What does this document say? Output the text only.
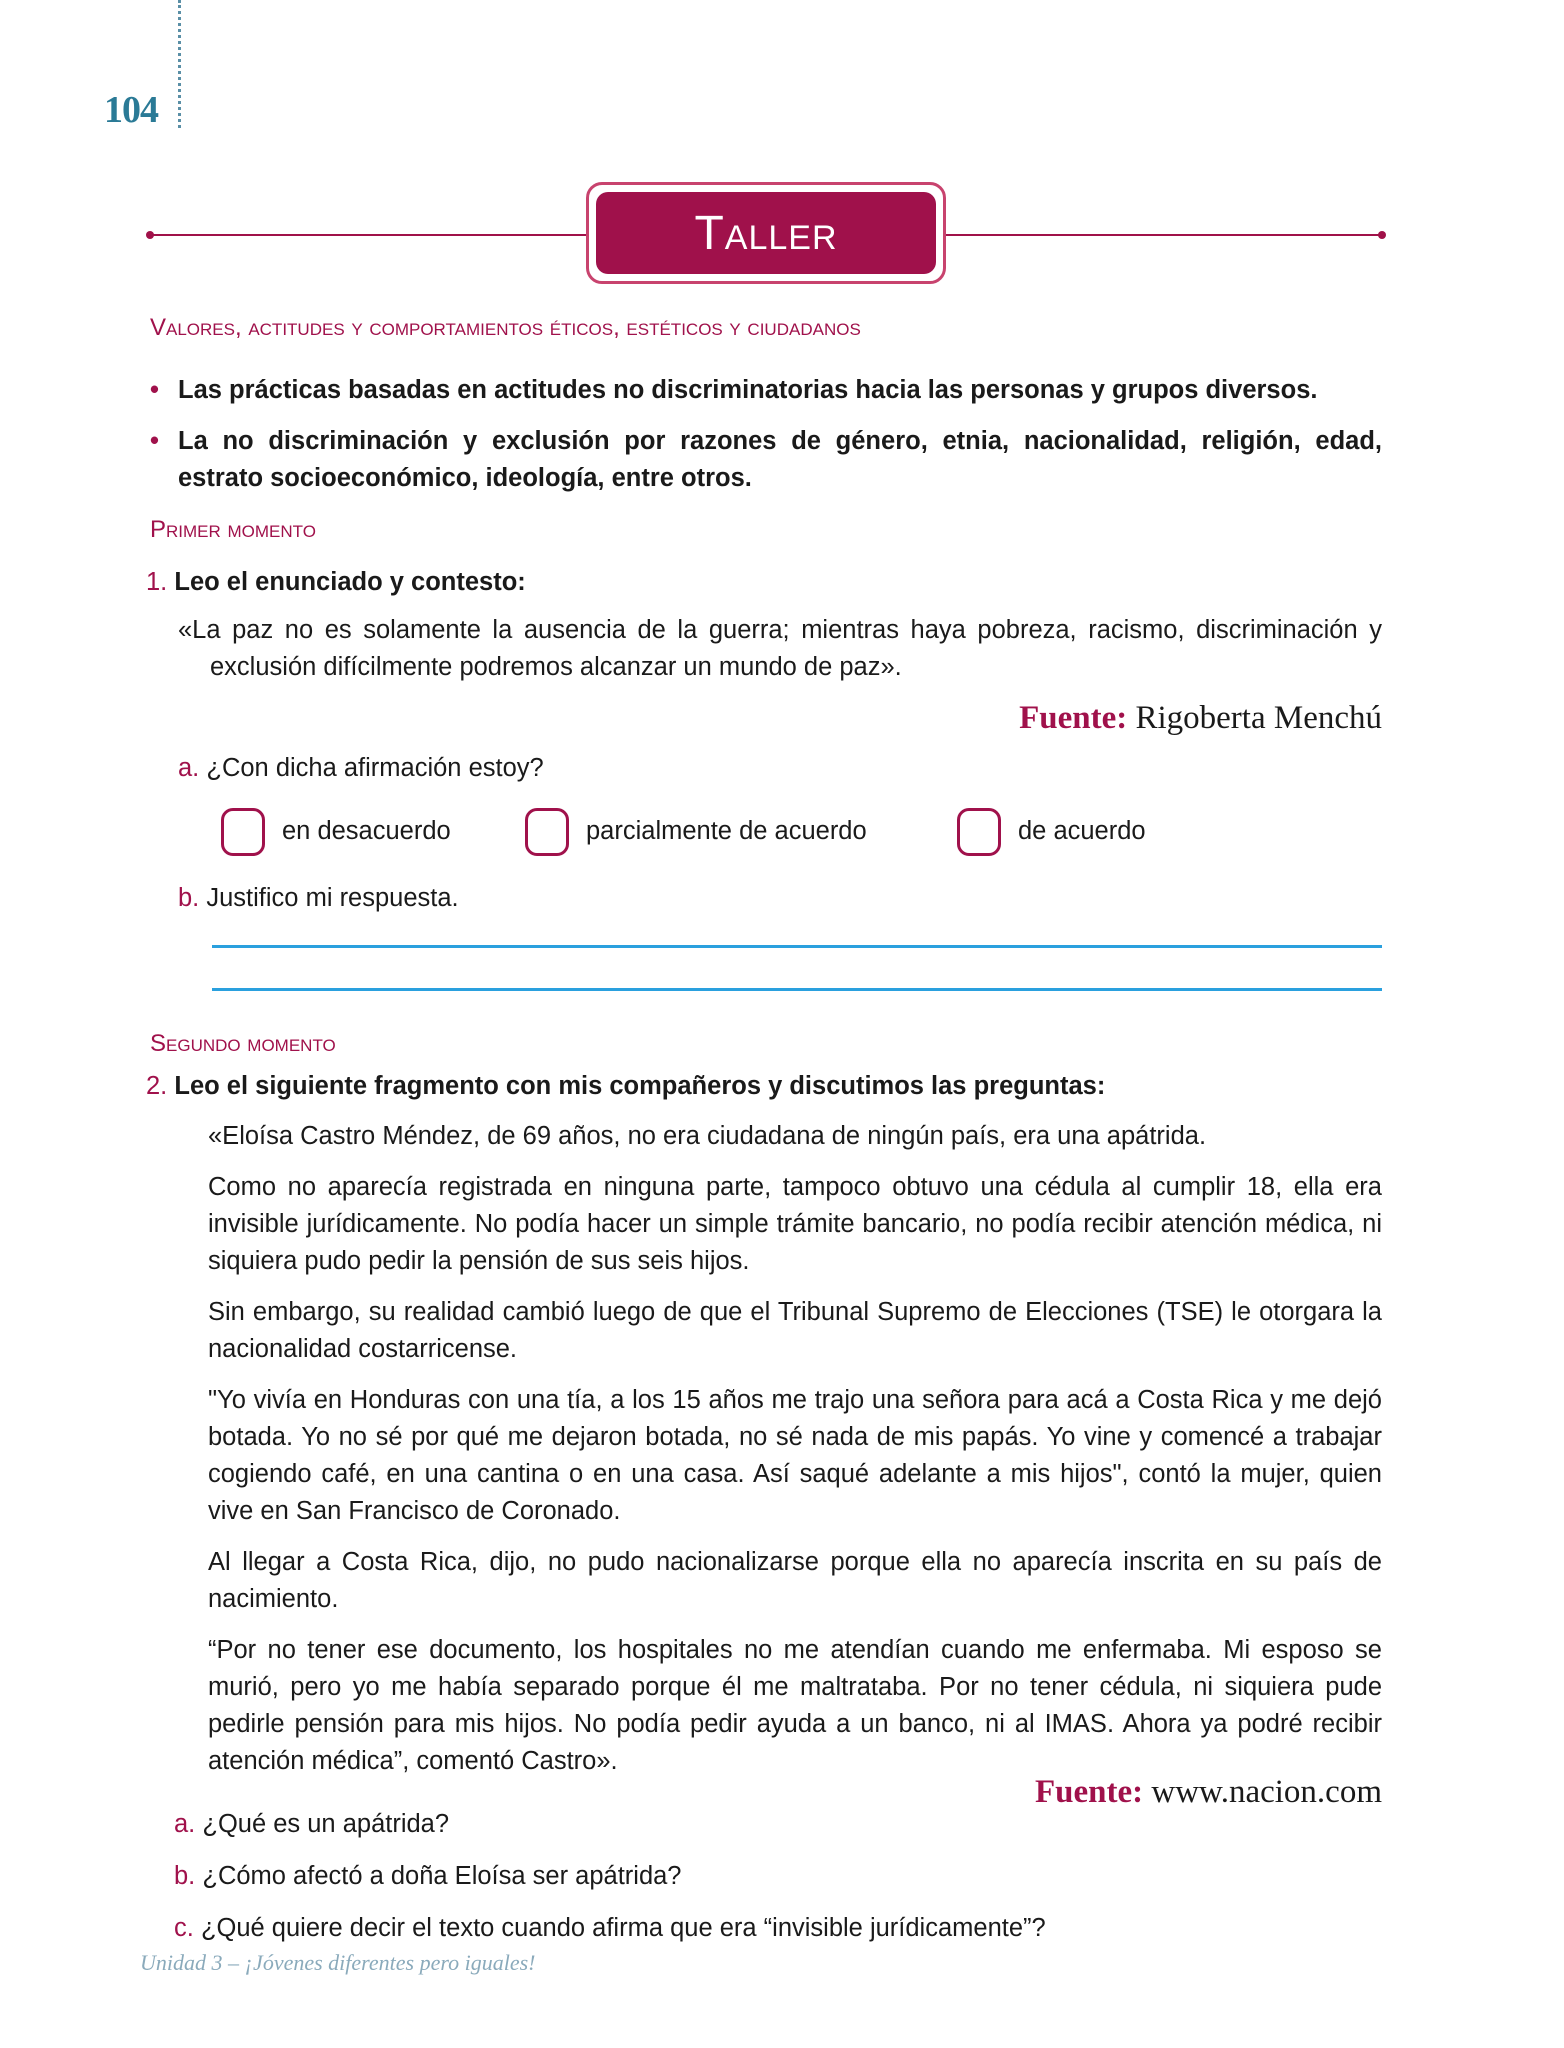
104
Taller
Valores, actitudes y comportamientos éticos, estéticos y ciudadanos
• Las prácticas basadas en actitudes no discriminatorias hacia las personas y grupos diversos.
• La no discriminación y exclusión por razones de género, etnia, nacionalidad, religión, edad, estrato socioeconómico, ideología, entre otros.
Primer momento
1. Leo el enunciado y contesto:
«La paz no es solamente la ausencia de la guerra; mientras haya pobreza, racismo, discriminación y exclusión difícilmente podremos alcanzar un mundo de paz».
Fuente: Rigoberta Menchú
a. ¿Con dicha afirmación estoy?
en desacuerdo	parcialmente de acuerdo	de acuerdo
b. Justifico mi respuesta.
Segundo momento
2. Leo el siguiente fragmento con mis compañeros y discutimos las preguntas:

«Eloísa Castro Méndez, de 69 años, no era ciudadana de ningún país, era una apátrida.

Como no aparecía registrada en ninguna parte, tampoco obtuvo una cédula al cumplir 18, ella era invisible jurídicamente. No podía hacer un simple trámite bancario, no podía recibir atención médica, ni siquiera pudo pedir la pensión de sus seis hijos.

Sin embargo, su realidad cambió luego de que el Tribunal Supremo de Elecciones (TSE) le otorgara la nacionalidad costarricense.

"Yo vivía en Honduras con una tía, a los 15 años me trajo una señora para acá a Costa Rica y me dejó botada. Yo no sé por qué me dejaron botada, no sé nada de mis papás. Yo vine y comencé a trabajar cogiendo café, en una cantina o en una casa. Así saqué adelante a mis hijos", contó la mujer, quien vive en San Francisco de Coronado.

Al llegar a Costa Rica, dijo, no pudo nacionalizarse porque ella no aparecía inscrita en su país de nacimiento.

“Por no tener ese documento, los hospitales no me atendían cuando me enfermaba. Mi esposo se murió, pero yo me había separado porque él me maltrataba. Por no tener cédula, ni siquiera pude pedirle pensión para mis hijos. No podía pedir ayuda a un banco, ni al IMAS. Ahora ya podré recibir atención médica”, comentó Castro».

Fuente: www.nacion.com
a. ¿Qué es un apátrida?
b. ¿Cómo afectó a doña Eloísa ser apátrida?
c. ¿Qué quiere decir el texto cuando afirma que era “invisible jurídicamente”?
Unidad 3 – ¡Jóvenes diferentes pero iguales!
